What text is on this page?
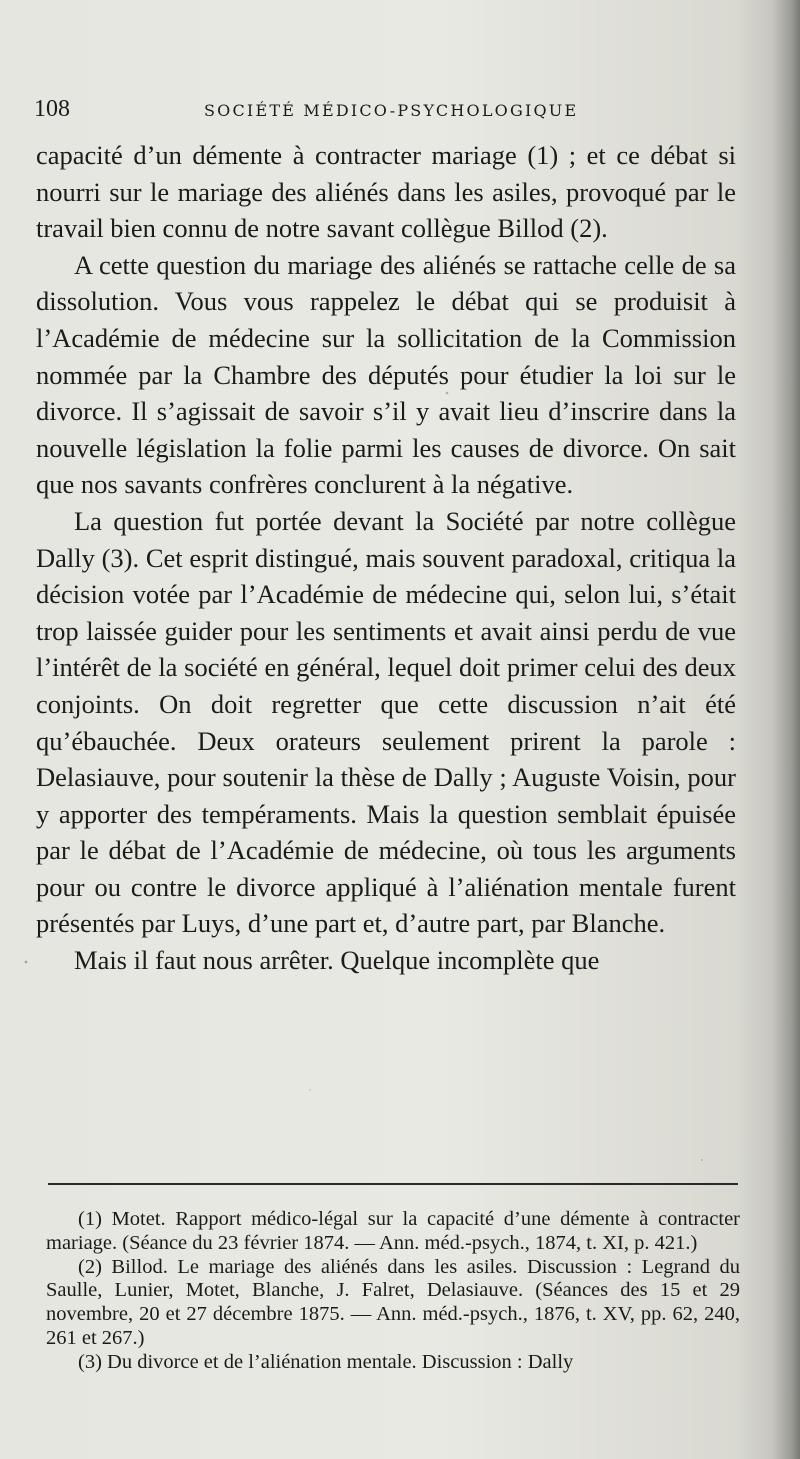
108	SOCIÉTÉ MÉDICO-PSYCHOLOGIQUE

capacité d’un démente à contracter mariage (1) ; et ce débat si nourri sur le mariage des aliénés dans les asiles, provoqué par le travail bien connu de notre savant collègue Billod (2).

A cette question du mariage des aliénés se rattache celle de sa dissolution. Vous vous rappelez le débat qui se produisit à l’Académie de médecine sur la sollicitation de la Commission nommée par la Chambre des députés pour étudier la loi sur le divorce. Il s’agissait de savoir s’il y avait lieu d’inscrire dans la nouvelle législation la folie parmi les causes de divorce. On sait que nos savants confrères conclurent à la négative.

La question fut portée devant la Société par notre collègue Dally (3). Cet esprit distingué, mais souvent paradoxal, critiqua la décision votée par l’Académie de médecine qui, selon lui, s’était trop laissée guider pour les sentiments et avait ainsi perdu de vue l’intérêt de la société en général, lequel doit primer celui des deux conjoints. On doit regretter que cette discussion n’ait été qu’ébauchée. Deux orateurs seulement prirent la parole : Delasiauve, pour soutenir la thèse de Dally ; Auguste Voisin, pour y apporter des tempéraments. Mais la question semblait épuisée par le débat de l’Académie de médecine, où tous les arguments pour ou contre le divorce appliqué à l’aliénation mentale furent présentés par Luys, d’une part et, d’autre part, par Blanche.

Mais il faut nous arrêter. Quelque incomplète que

(1) Motet. Rapport médico-légal sur la capacité d’une démente à contracter mariage. (Séance du 23 février 1874. — Ann. méd.-psych., 1874, t. XI, p. 421.)

(2) Billod. Le mariage des aliénés dans les asiles. Discussion : Legrand du Saulle, Lunier, Motet, Blanche, J. Falret, Delasiauve. (Séances des 15 et 29 novembre, 20 et 27 décembre 1875. — Ann. méd.-psych., 1876, t. XV, pp. 62, 240, 261 et 267.)

(3) Du divorce et de l’aliénation mentale. Discussion : Dally
